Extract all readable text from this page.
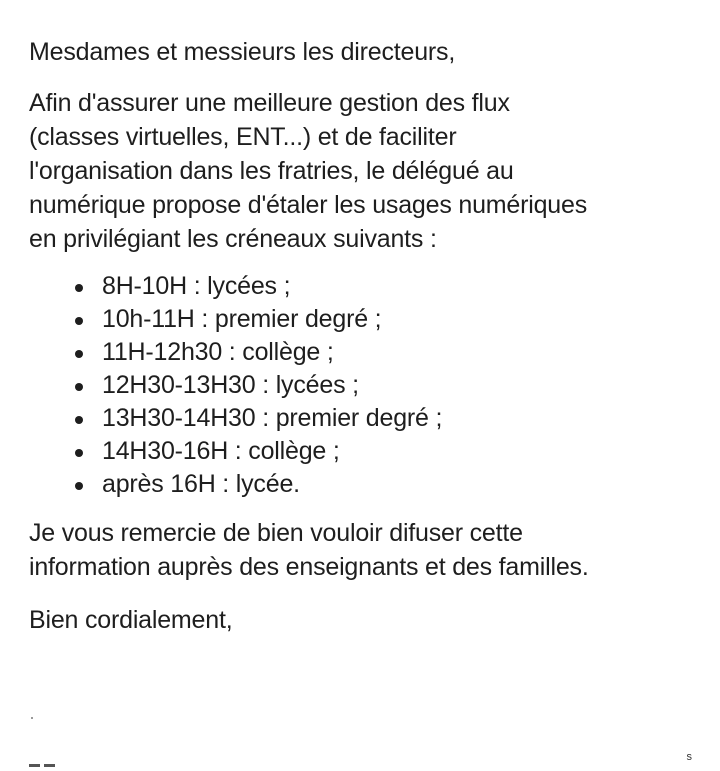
Mesdames et messieurs les directeurs,

Afin d'assurer une meilleure gestion des flux
(classes virtuelles, ENT...) et de faciliter
l'organisation dans les fratries, le délégué au
numérique propose d'étaler les usages numériques
en privilégiant les créneaux suivants :
8H-10H : lycées ;
10h-11H : premier degré ;
11H-12h30 : collège ;
12H30-13H30 : lycées ;
13H30-14H30 : premier degré ;
14H30-16H : collège ;
après 16H : lycée.
Je vous remercie de bien vouloir difuser cette
information auprès des enseignants et des familles.

Bien cordialement,

s
